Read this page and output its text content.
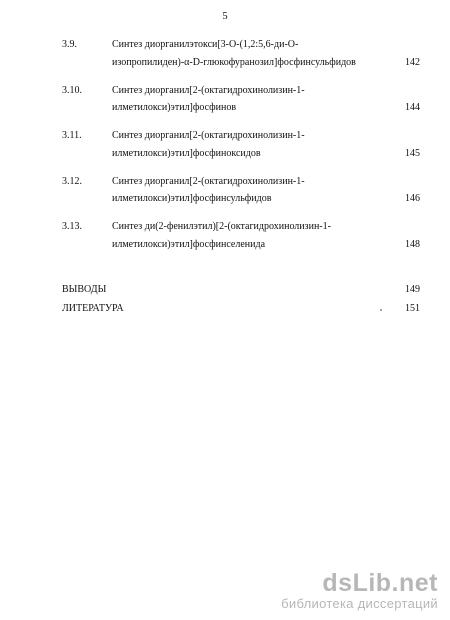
5
3.9.	Синтез диорганилэтокси[3-О-(1,2:5,6-ди-О-
изопропилиден)-α-D-глюкофуранозил]фосфинсульфидов	142
3.10.	Синтез диорганил[2-(октагидрохинолизин-1-
илметилокси)этил]фосфинов	144
3.11.	Синтез диорганил[2-(октагидрохинолизин-1-
илметилокси)этил]фосфиноксидов	145
3.12.	Синтез диорганил[2-(октагидрохинолизин-1-
илметилокси)этил]фосфинсульфидов	146
3.13.	Синтез ди(2-фенилэтил)[2-(октагидрохинолизин-1-
илметилокси)этил]фосфинселенида	148
ВЫВОДЫ	149
ЛИТЕРАТУРА	151
dsLib.net
библиотека диссертаций
